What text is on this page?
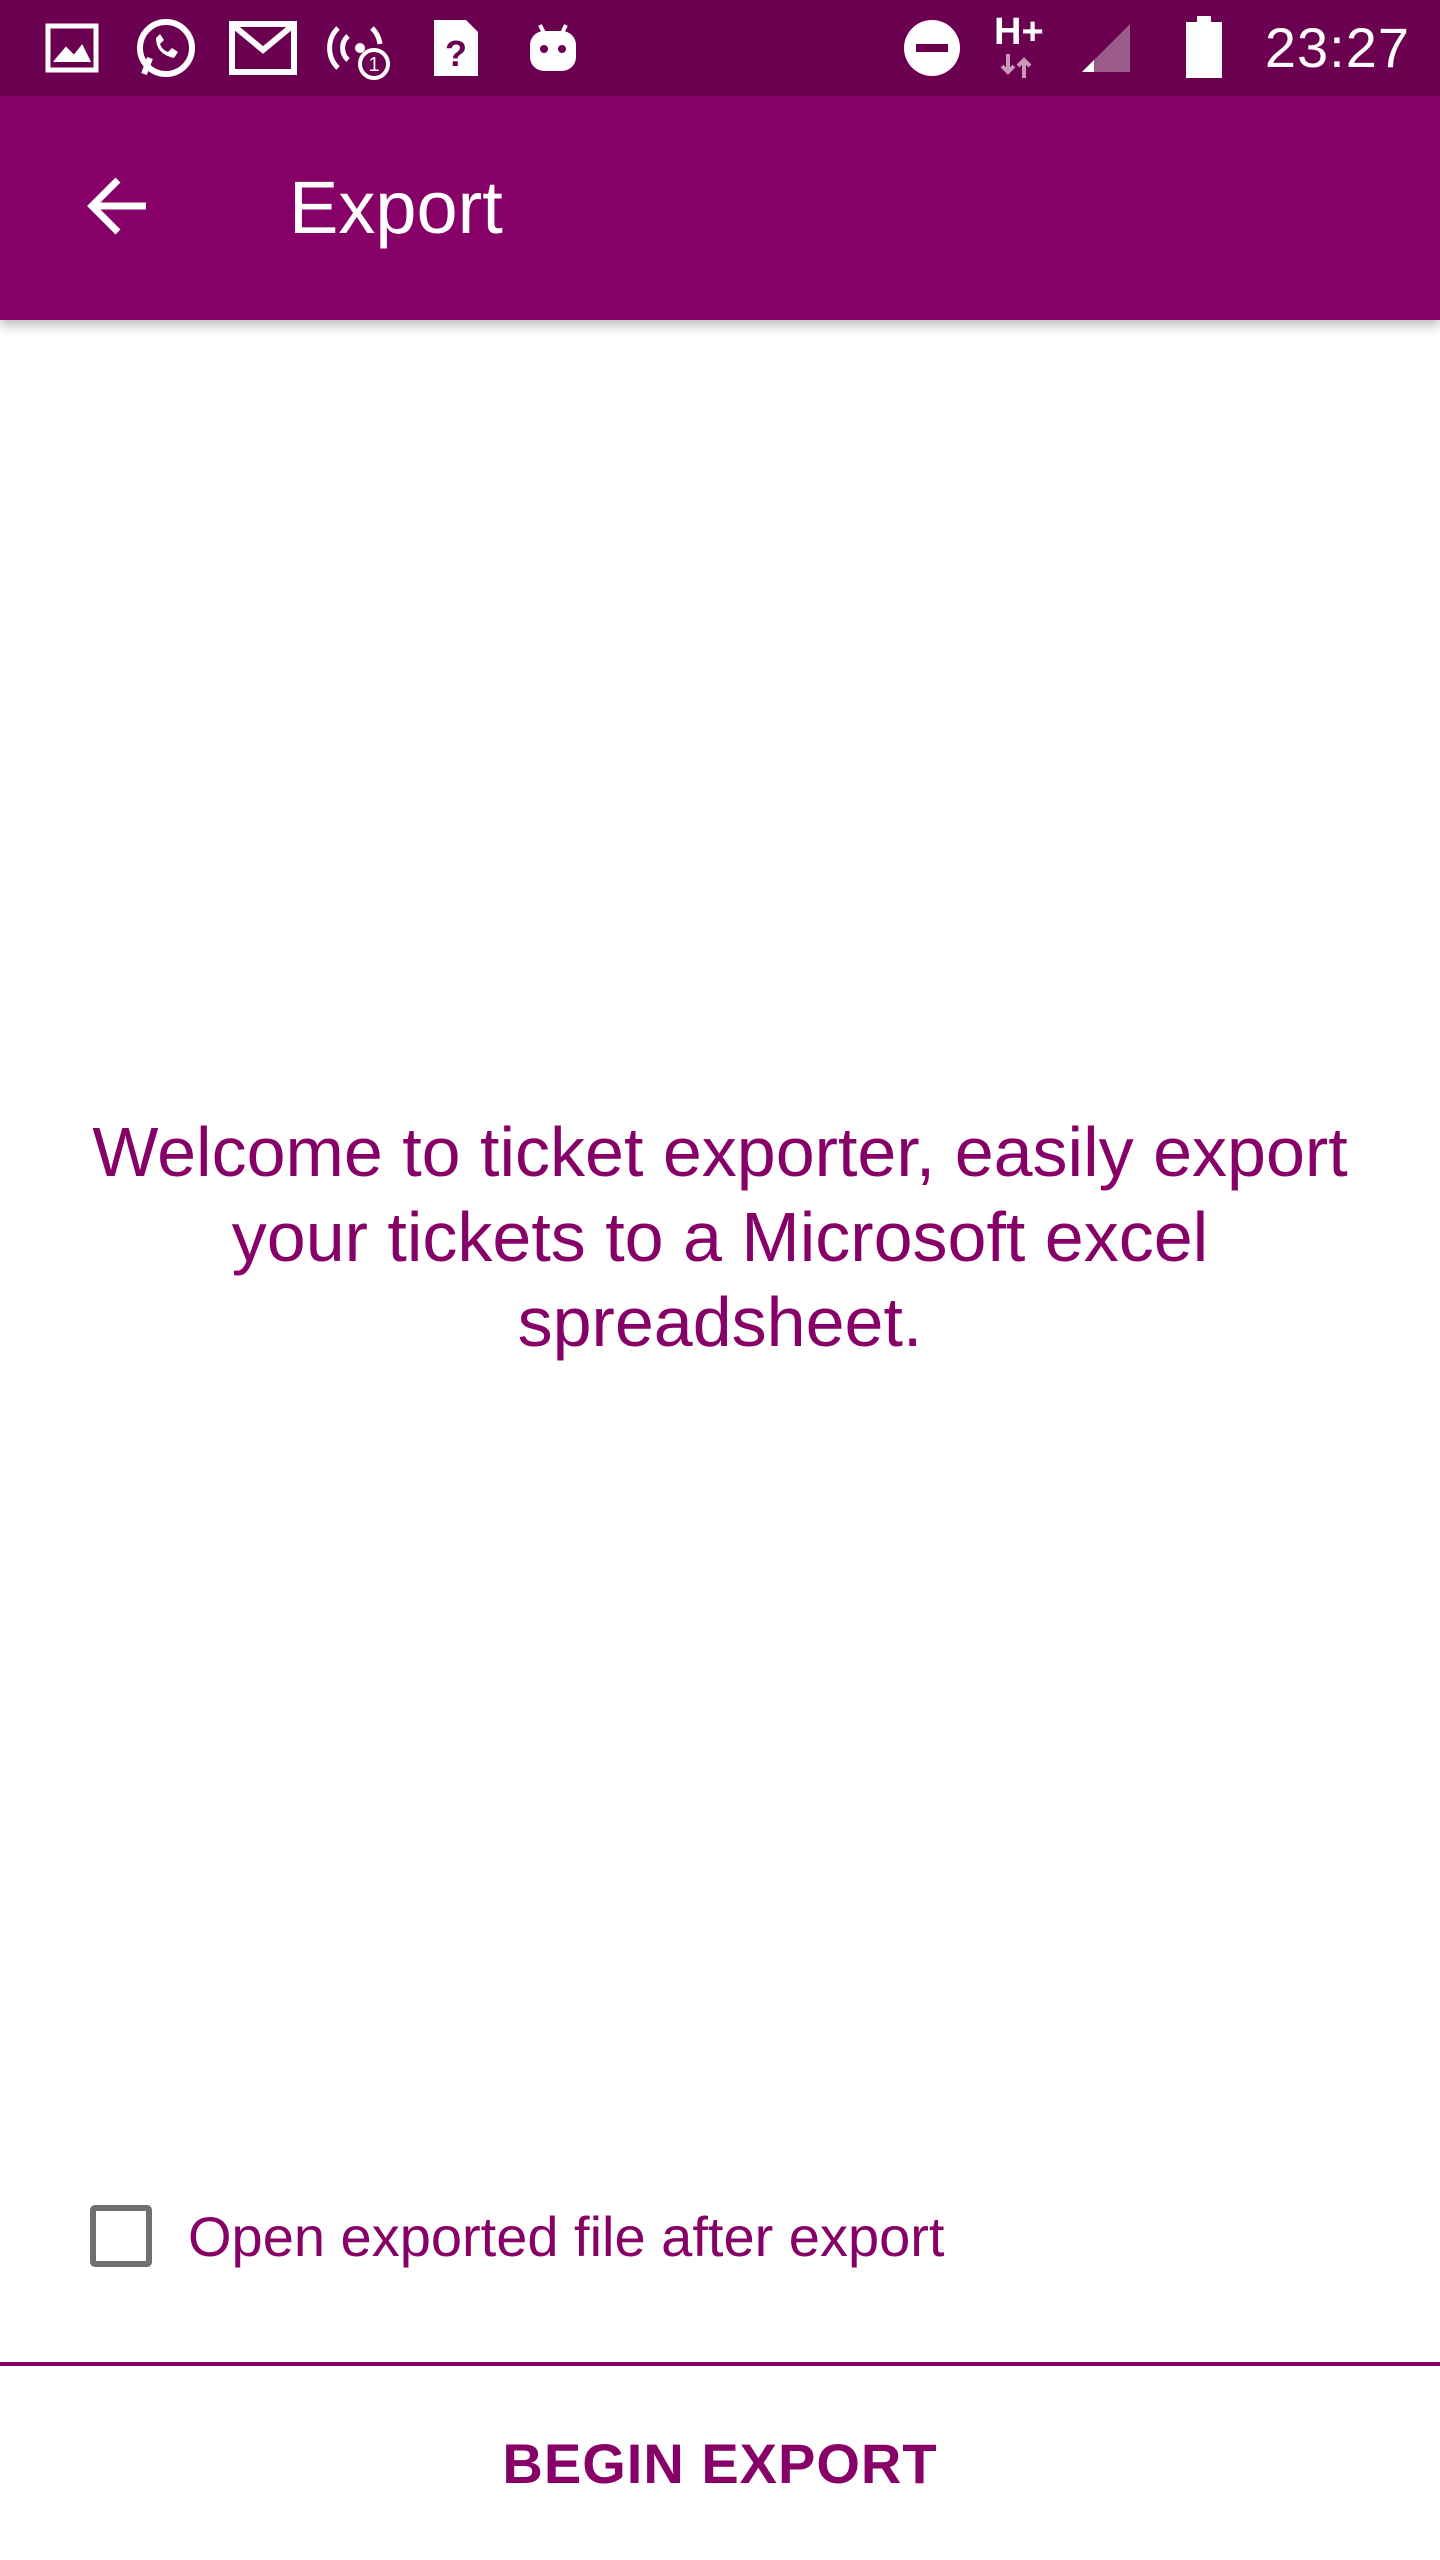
1 ?
H+	23:27
Export
Welcome to ticket exporter, easily export your tickets to a Microsoft excel spreadsheet.
Open exported file after export
BEGIN EXPORT
